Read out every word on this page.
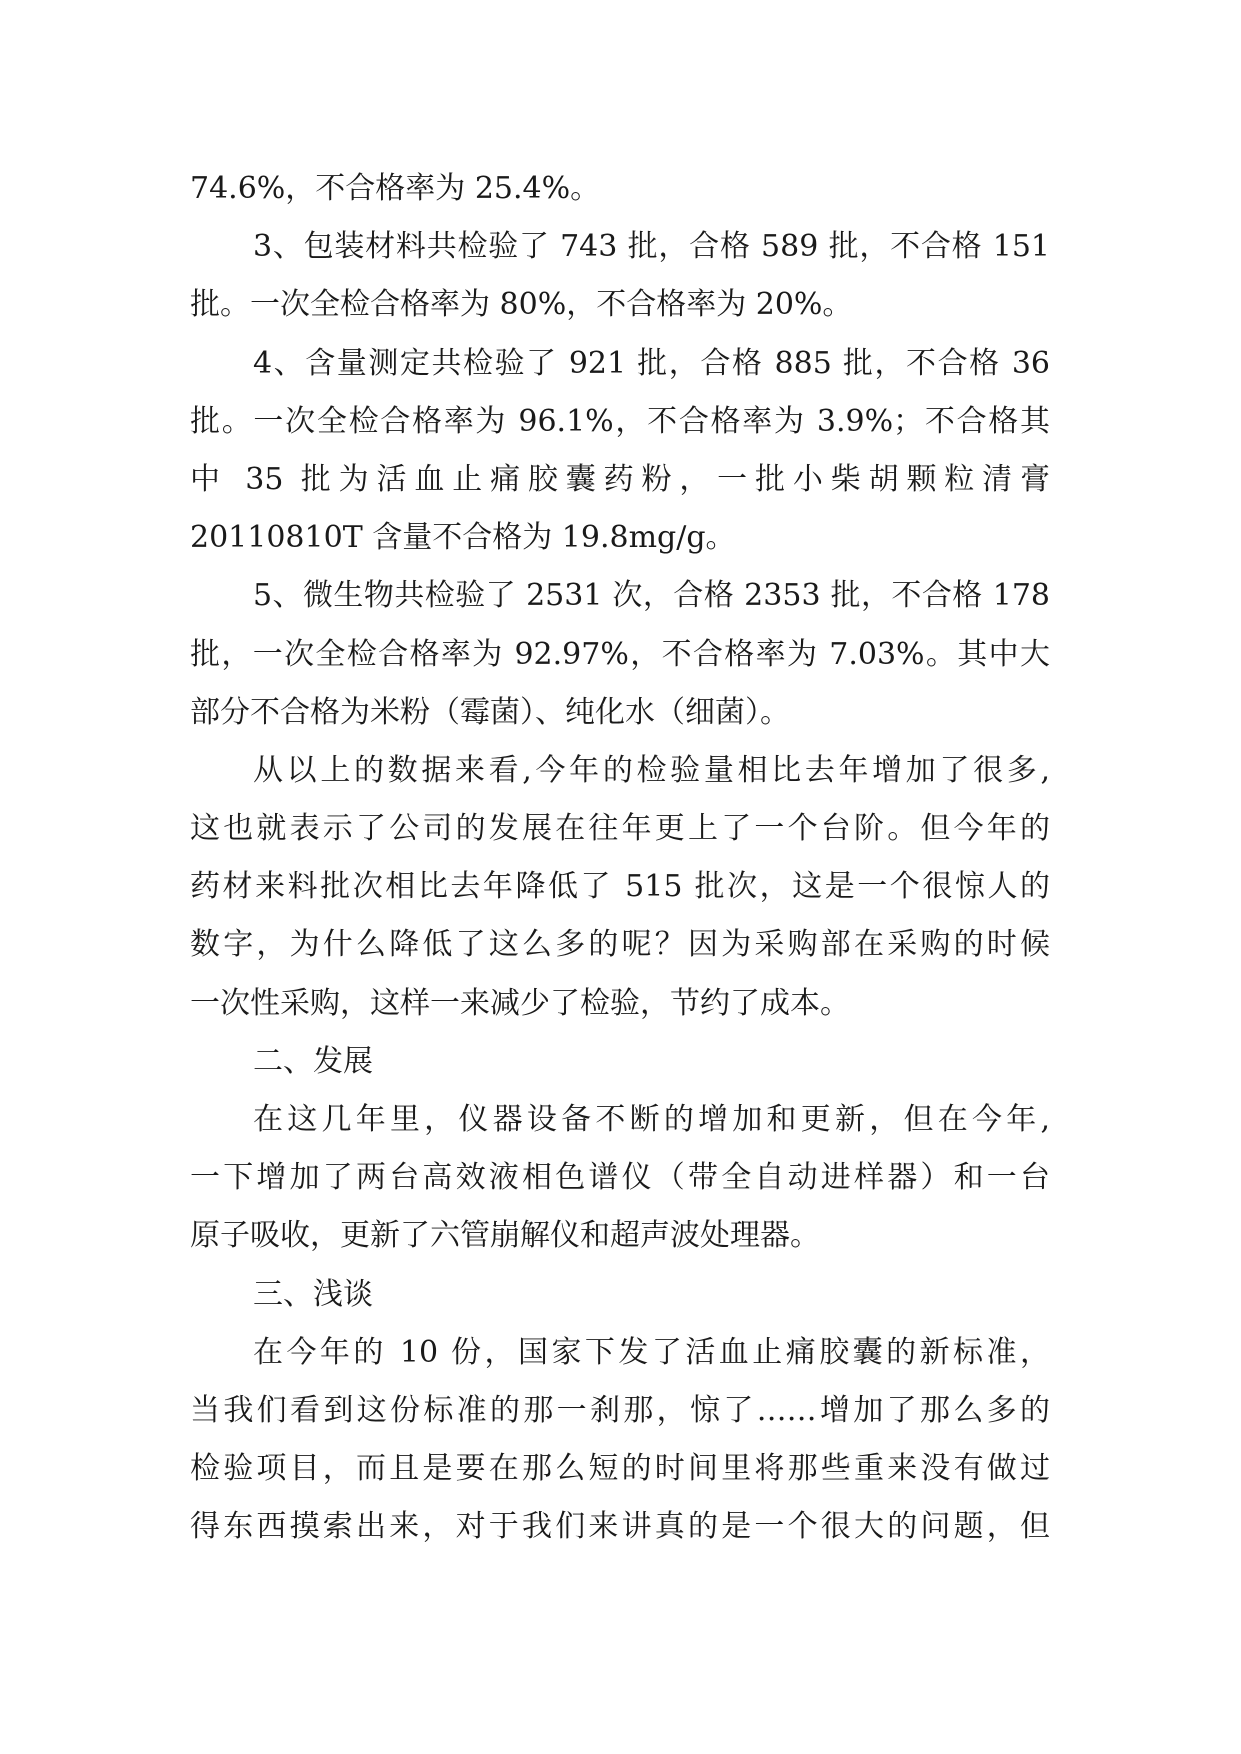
74.6%，不合格率为 25.4%。
3、包装材料共检验了 743 批，合格 589 批，不合格 151
批。一次全检合格率为 80%，不合格率为 20%。
4、含量测定共检验了 921 批，合格 885 批，不合格 36
批。一次全检合格率为 96.1%，不合格率为 3.9%；不合格其
中 35 批为活血止痛胶囊药粉，一批小柴胡颗粒清膏
20110810T 含量不合格为 19.8mg/g。
5、微生物共检验了 2531 次，合格 2353 批，不合格 178
批，一次全检合格率为 92.97%，不合格率为 7.03%。其中大
部分不合格为米粉（霉菌）、纯化水（细菌）。
从以上的数据来看,今年的检验量相比去年增加了很多,
这也就表示了公司的发展在往年更上了一个台阶。但今年的
药材来料批次相比去年降低了 515 批次，这是一个很惊人的
数字，为什么降低了这么多的呢？因为采购部在采购的时候
一次性采购，这样一来减少了检验，节约了成本。
二、发展
在这几年里，仪器设备不断的增加和更新，但在今年,
一下增加了两台高效液相色谱仪（带全自动进样器）和一台
原子吸收，更新了六管崩解仪和超声波处理器。
三、浅谈
在今年的 10 份，国家下发了活血止痛胶囊的新标准，
当我们看到这份标准的那一刹那，惊了……增加了那么多的
检验项目，而且是要在那么短的时间里将那些重来没有做过
得东西摸索出来，对于我们来讲真的是一个很大的问题，但
